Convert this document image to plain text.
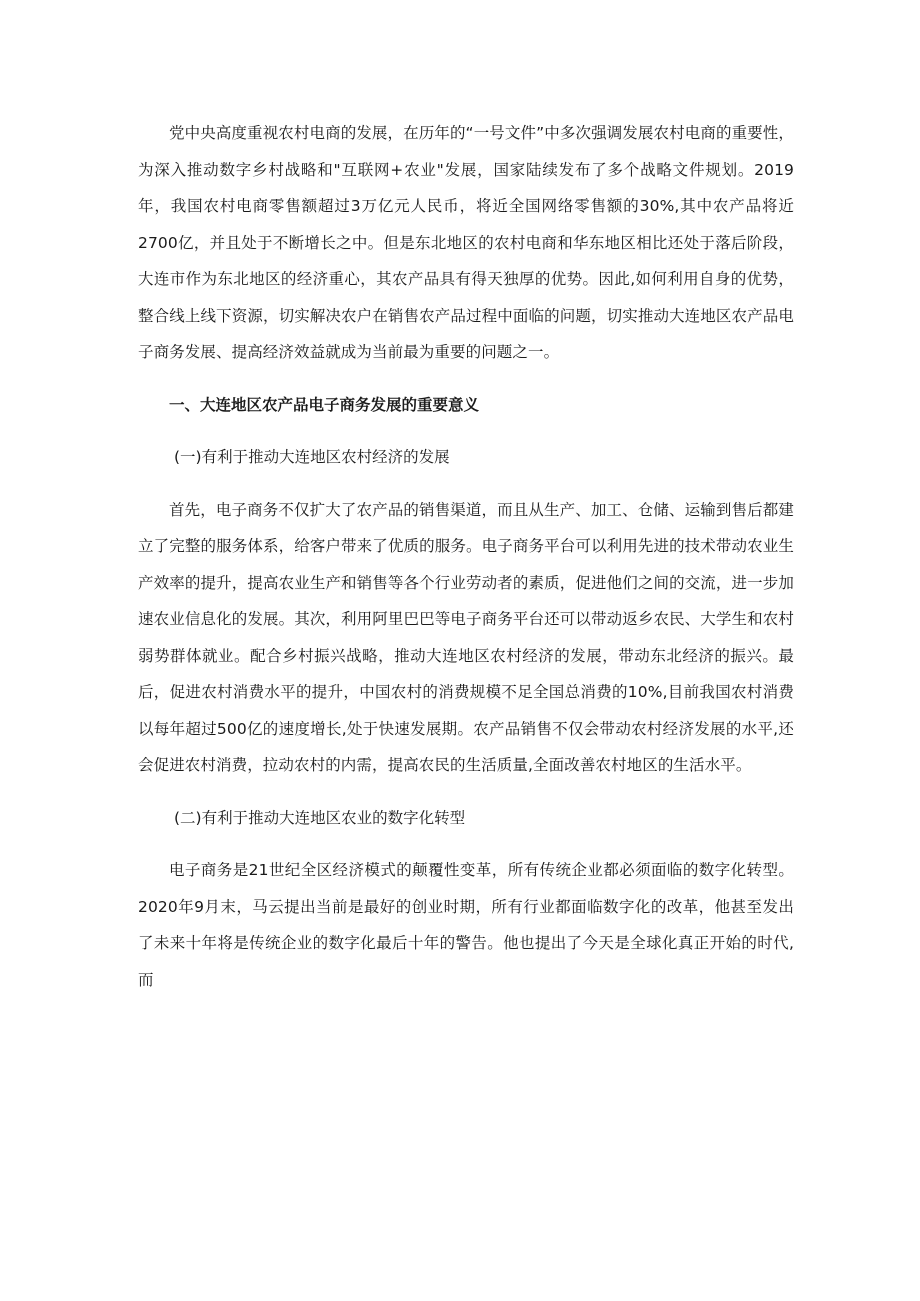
党中央高度重视农村电商的发展，在历年的“一号文件”中多次强调发展农村电商的重要性，为深入推动数字乡村战略和"互联网+农业"发展，国家陆续发布了多个战略文件规划。2019年，我国农村电商零售额超过3万亿元人民币，将近全国网络零售额的30%,其中农产品将近2700亿，并且处于不断增长之中。但是东北地区的农村电商和华东地区相比还处于落后阶段，大连市作为东北地区的经济重心，其农产品具有得天独厚的优势。因此,如何利用自身的优势，整合线上线下资源，切实解决农户在销售农产品过程中面临的问题，切实推动大连地区农产品电子商务发展、提高经济效益就成为当前最为重要的问题之一。

一、大连地区农产品电子商务发展的重要意义

(一)有利于推动大连地区农村经济的发展

首先，电子商务不仅扩大了农产品的销售渠道，而且从生产、加工、仓储、运输到售后都建立了完整的服务体系，给客户带来了优质的服务。电子商务平台可以利用先进的技术带动农业生产效率的提升，提高农业生产和销售等各个行业劳动者的素质，促进他们之间的交流，进一步加速农业信息化的发展。其次，利用阿里巴巴等电子商务平台还可以带动返乡农民、大学生和农村弱势群体就业。配合乡村振兴战略，推动大连地区农村经济的发展，带动东北经济的振兴。最后，促进农村消费水平的提升，中国农村的消费规模不足全国总消费的10%,目前我国农村消费以每年超过500亿的速度增长,处于快速发展期。农产品销售不仅会带动农村经济发展的水平,还会促进农村消费，拉动农村的内需，提高农民的生活质量,全面改善农村地区的生活水平。

(二)有利于推动大连地区农业的数字化转型

电子商务是21世纪全区经济模式的颠覆性变革，所有传统企业都必须面临的数字化转型。2020年9月末，马云提出当前是最好的创业时期，所有行业都面临数字化的改革，他甚至发出了未来十年将是传统企业的数字化最后十年的警告。他也提出了今天是全球化真正开始的时代,而
